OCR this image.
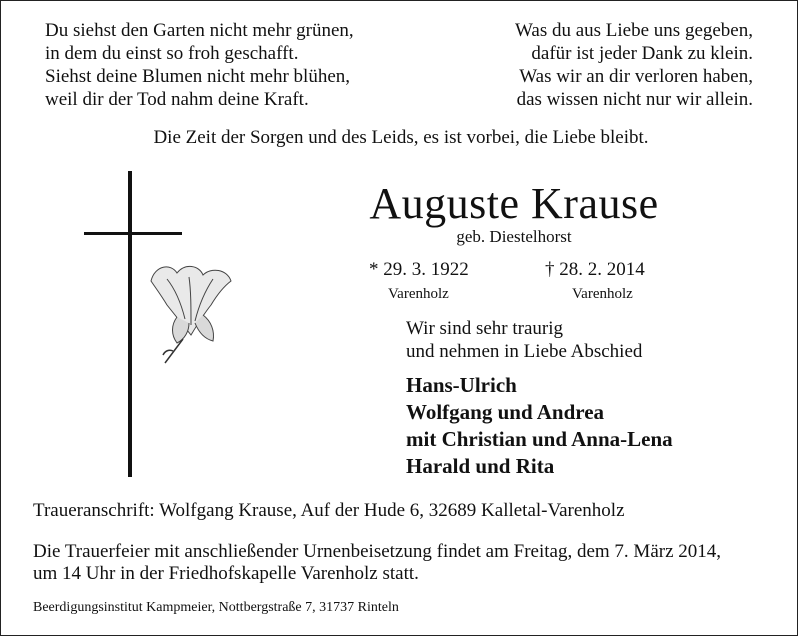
Du siehst den Garten nicht mehr grünen,
in dem du einst so froh geschafft.
Siehst deine Blumen nicht mehr blühen,
weil dir der Tod nahm deine Kraft.
Was du aus Liebe uns gegeben,
dafür ist jeder Dank zu klein.
Was wir an dir verloren haben,
das wissen nicht nur wir allein.
Die Zeit der Sorgen und des Leids, es ist vorbei, die Liebe bleibt.
Auguste Krause
geb. Diestelhorst
* 29. 3. 1922	† 28. 2. 2014
Varenholz	Varenholz
Wir sind sehr traurig
und nehmen in Liebe Abschied
Hans-Ulrich
Wolfgang und Andrea
mit Christian und Anna-Lena
Harald und Rita
Traueranschrift: Wolfgang Krause, Auf der Hude 6, 32689 Kalletal-Varenholz
Die Trauerfeier mit anschließender Urnenbeisetzung findet am Freitag, dem 7. März 2014,
um 14 Uhr in der Friedhofskapelle Varenholz statt.
Beerdigungsinstitut Kampmeier, Nottbergstraße 7, 31737 Rinteln
